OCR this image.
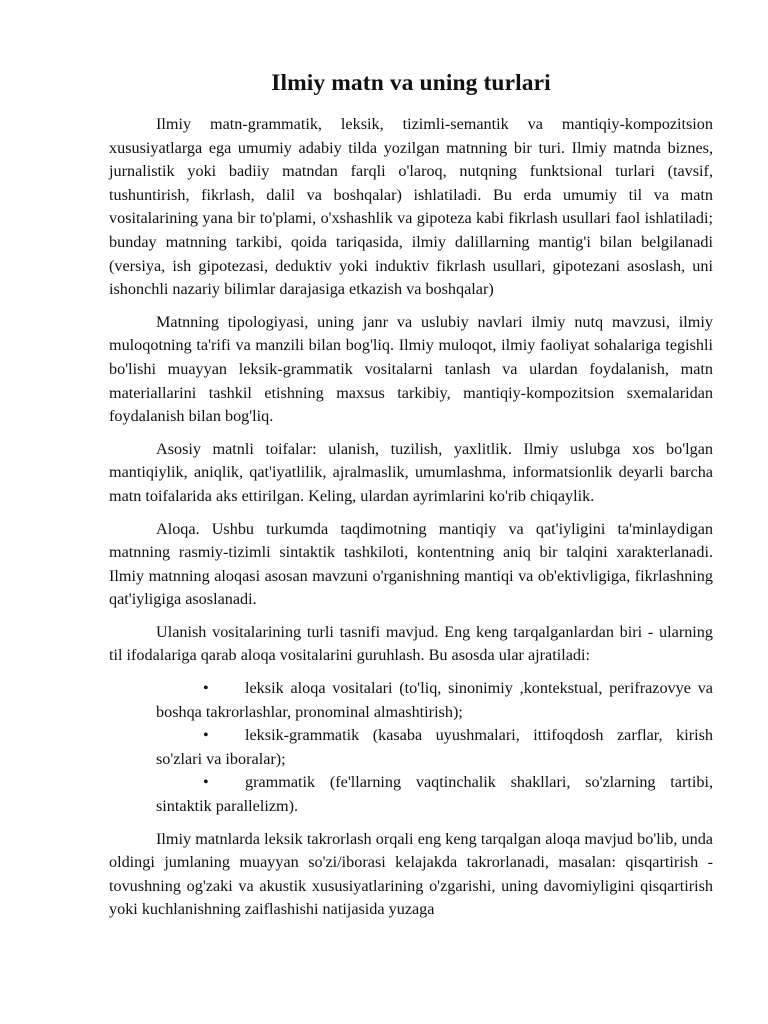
Ilmiy matn va uning turlari

Ilmiy matn-grammatik, leksik, tizimli-semantik va mantiqiy-kompozitsion xususiyatlarga ega umumiy adabiy tilda yozilgan matnning bir turi. Ilmiy matnda biznes, jurnalistik yoki badiiy matndan farqli o'laroq, nutqning funktsional turlari (tavsif, tushuntirish, fikrlash, dalil va boshqalar) ishlatiladi. Bu erda umumiy til va matn vositalarining yana bir to'plami, o'xshashlik va gipoteza kabi fikrlash usullari faol ishlatiladi; bunday matnning tarkibi, qoida tariqasida, ilmiy dalillarning mantig'i bilan belgilanadi (versiya, ish gipotezasi, deduktiv yoki induktiv fikrlash usullari, gipotezani asoslash, uni ishonchli nazariy bilimlar darajasiga etkazish va boshqalar)

Matnning tipologiyasi, uning janr va uslubiy navlari ilmiy nutq mavzusi, ilmiy muloqotning ta'rifi va manzili bilan bog'liq. Ilmiy muloqot, ilmiy faoliyat sohalariga tegishli bo'lishi muayyan leksik-grammatik vositalarni tanlash va ulardan foydalanish, matn materiallarini tashkil etishning maxsus tarkibiy, mantiqiy-kompozitsion sxemalaridan foydalanish bilan bog'liq.

Asosiy matnli toifalar: ulanish, tuzilish, yaxlitlik. Ilmiy uslubga xos bo'lgan mantiqiylik, aniqlik, qat'iyatlilik, ajralmaslik, umumlashma, informatsionlik deyarli barcha matn toifalarida aks ettirilgan. Keling, ulardan ayrimlarini ko'rib chiqaylik.

Aloqa. Ushbu turkumda taqdimotning mantiqiy va qat'iyligini ta'minlaydigan matnning rasmiy-tizimli sintaktik tashkiloti, kontentning aniq bir talqini xarakterlanadi. Ilmiy matnning aloqasi asosan mavzuni o'rganishning mantiqi va ob'ektivligiga, fikrlashning qat'iyligiga asoslanadi.

Ulanish vositalarining turli tasnifi mavjud. Eng keng tarqalganlardan biri - ularning til ifodalariga qarab aloqa vositalarini guruhlash. Bu asosda ular ajratiladi:

• leksik aloqa vositalari (to'liq, sinonimiy ,kontekstual, perifrazovye va boshqa takrorlashlar, pronominal almashtirish);
• leksik-grammatik (kasaba uyushmalari, ittifoqdosh zarflar, kirish so'zlari va iboralar);
• grammatik (fe'llarning vaqtinchalik shakllari, so'zlarning tartibi, sintaktik parallelizm).

Ilmiy matnlarda leksik takrorlash orqali eng keng tarqalgan aloqa mavjud bo'lib, unda oldingi jumlaning muayyan so'zi/iborasi kelajakda takrorlanadi, masalan: qisqartirish - tovushning og'zaki va akustik xususiyatlarining o'zgarishi, uning davomiyligini qisqartirish yoki kuchlanishning zaiflashishi natijasida yuzaga
